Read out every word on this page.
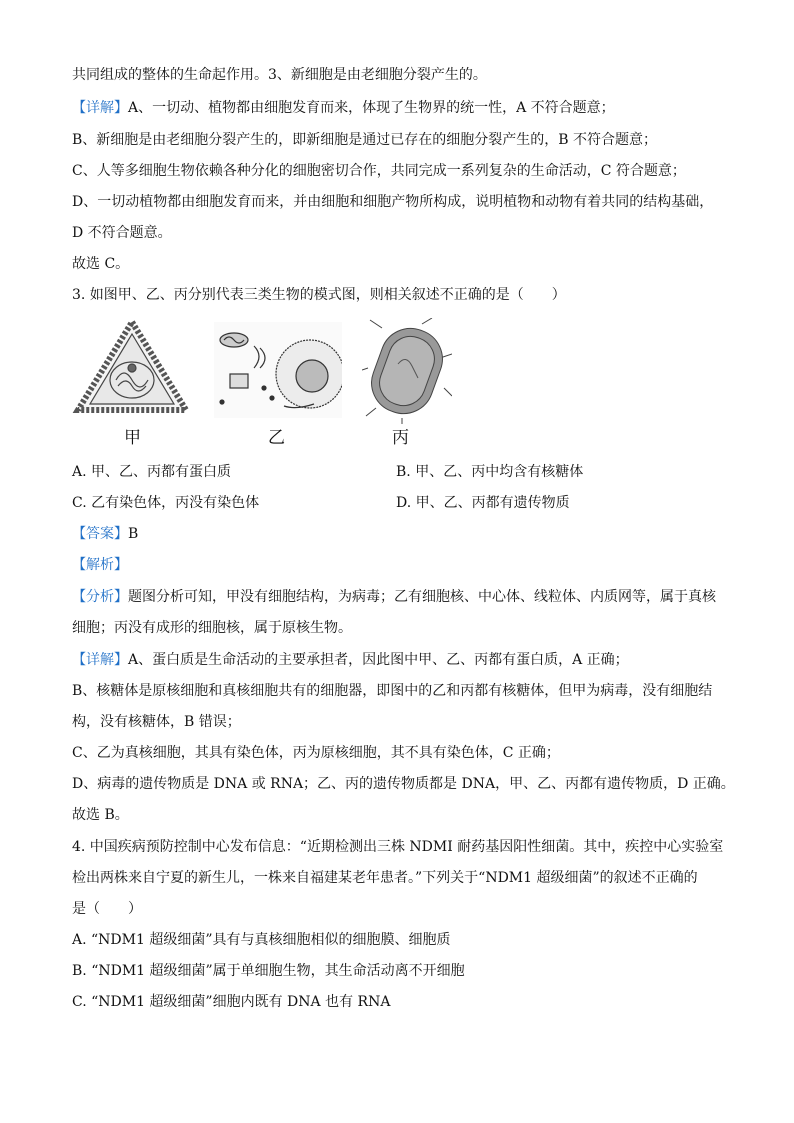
共同组成的整体的生命起作用。3、新细胞是由老细胞分裂产生的。
【详解】A、一切动、植物都由细胞发育而来，体现了生物界的统一性，A 不符合题意；
B、新细胞是由老细胞分裂产生的，即新细胞是通过已存在的细胞分裂产生的，B 不符合题意；
C、人等多细胞生物依赖各种分化的细胞密切合作，共同完成一系列复杂的生命活动，C 符合题意；
D、一切动植物都由细胞发育而来，并由细胞和细胞产物所构成，说明植物和动物有着共同的结构基础，
D 不符合题意。
故选 C。
3. 如图甲、乙、丙分别代表三类生物的模式图，则相关叙述不正确的是（　　）
甲	乙	丙
A. 甲、乙、丙都有蛋白质	B. 甲、乙、丙中均含有核糖体
C. 乙有染色体，丙没有染色体	D. 甲、乙、丙都有遗传物质
【答案】B
【解析】
【分析】题图分析可知，甲没有细胞结构，为病毒；乙有细胞核、中心体、线粒体、内质网等，属于真核
细胞；丙没有成形的细胞核，属于原核生物。
【详解】A、蛋白质是生命活动的主要承担者，因此图中甲、乙、丙都有蛋白质，A 正确；
B、核糖体是原核细胞和真核细胞共有的细胞器，即图中的乙和丙都有核糖体，但甲为病毒，没有细胞结
构，没有核糖体，B 错误；
C、乙为真核细胞，其具有染色体，丙为原核细胞，其不具有染色体，C 正确；
D、病毒的遗传物质是 DNA 或 RNA；乙、丙的遗传物质都是 DNA，甲、乙、丙都有遗传物质，D 正确。
故选 B。
4. 中国疾病预防控制中心发布信息：“近期检测出三株 NDMI 耐药基因阳性细菌。其中，疾控中心实验室
检出两株来自宁夏的新生儿，一株来自福建某老年患者。”下列关于“NDM1 超级细菌”的叙述不正确的
是（　　）
A. “NDM1 超级细菌”具有与真核细胞相似的细胞膜、细胞质
B. “NDM1 超级细菌”属于单细胞生物，其生命活动离不开细胞
C. “NDM1 超级细菌”细胞内既有 DNA 也有 RNA
